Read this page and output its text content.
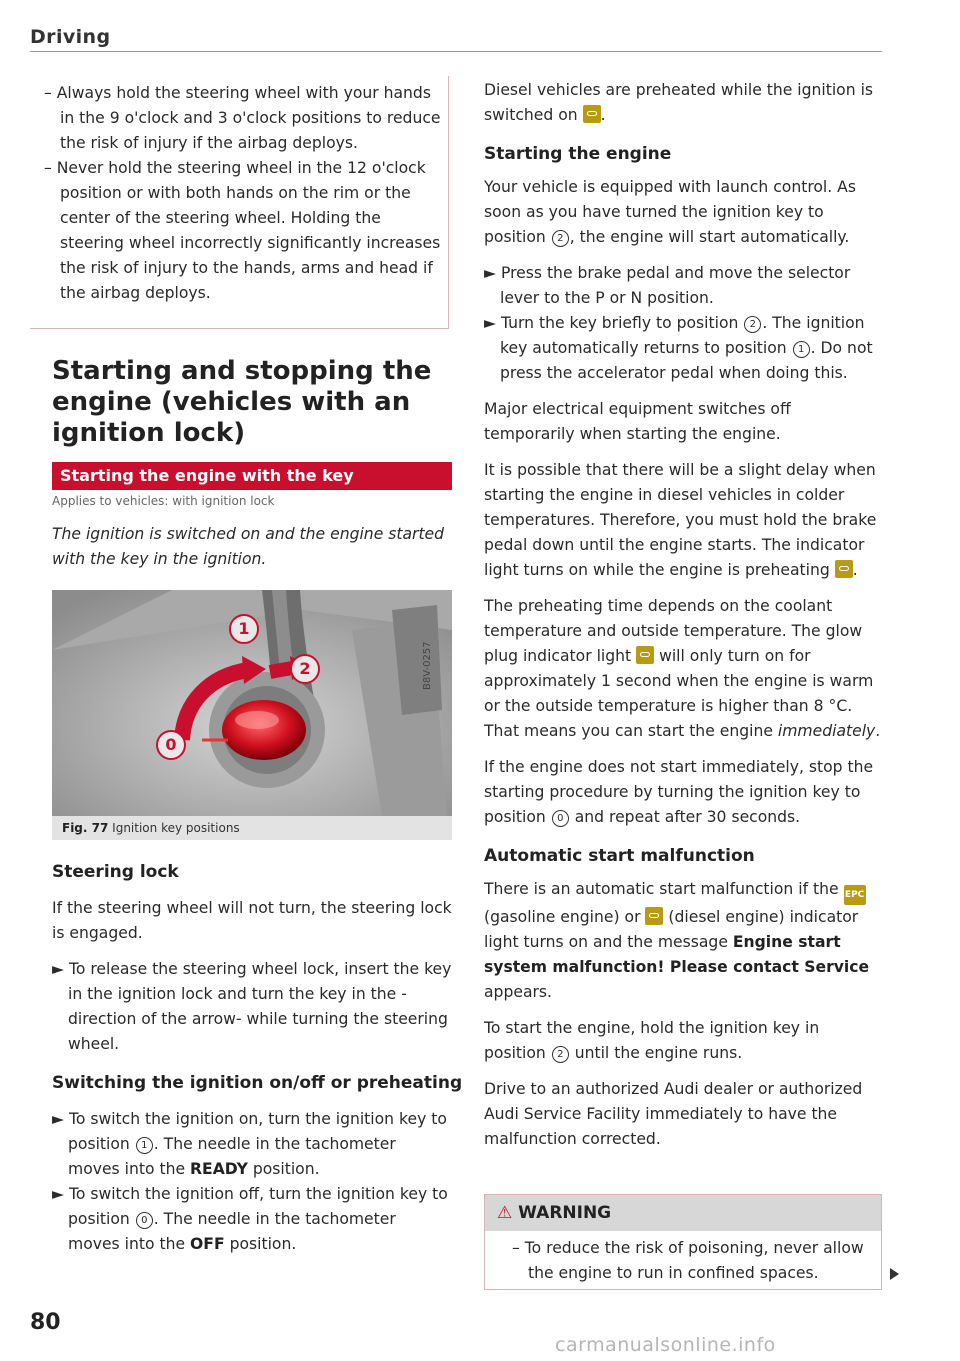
Driving

– Always hold the steering wheel with your hands in the 9 o'clock and 3 o'clock positions to reduce the risk of injury if the airbag deploys.

– Never hold the steering wheel in the 12 o'clock position or with both hands on the rim or the center of the steering wheel. Holding the steering wheel incorrectly significantly increases the risk of injury to the hands, arms and head if the airbag deploys.

Starting and stopping the engine (vehicles with an ignition lock)
Starting the engine with the key
Applies to vehicles: with ignition lock
The ignition is switched on and the engine started with the key in the ignition.
1
2
0
B8V-0257
Fig. 77 Ignition key positions
Steering lock

If the steering wheel will not turn, the steering lock is engaged.

► To release the steering wheel lock, insert the key in the ignition lock and turn the key in the -direction of the arrow- while turning the steering wheel.

Switching the ignition on/off or preheating

► To switch the ignition on, turn the ignition key to position 1 . The needle in the tachometer moves into the READY position.

► To switch the ignition off, turn the ignition key to position 0 . The needle in the tachometer moves into the OFF position.

80

Diesel vehicles are preheated while the ignition is switched on .

Starting the engine

Your vehicle is equipped with launch control. As soon as you have turned the ignition key to position 2 , the engine will start automatically.

► Press the brake pedal and move the selector lever to the P or N position.

► Turn the key briefly to position 2 . The ignition key automatically returns to position 1 . Do not press the accelerator pedal when doing this.

Major electrical equipment switches off temporarily when starting the engine.

It is possible that there will be a slight delay when starting the engine in diesel vehicles in colder temperatures. Therefore, you must hold the brake pedal down until the engine starts. The indicator light turns on while the engine is preheating .

The preheating time depends on the coolant temperature and outside temperature. The glow plug indicator light will only turn on for approximately 1 second when the engine is warm or the outside temperature is higher than 8 °C. That means you can start the engine immediately.

If the engine does not start immediately, stop the starting procedure by turning the ignition key to position 0 and repeat after 30 seconds.

Automatic start malfunction

There is an automatic start malfunction if the EPC (gasoline engine) or (diesel engine) indicator light turns on and the message Engine start system malfunction! Please contact Service appears.

To start the engine, hold the ignition key in position 2 until the engine runs.

Drive to an authorized Audi dealer or authorized Audi Service Facility immediately to have the malfunction corrected.

⚠ WARNING
– To reduce the risk of poisoning, never allow the engine to run in confined spaces.
carmanualsonline.info
